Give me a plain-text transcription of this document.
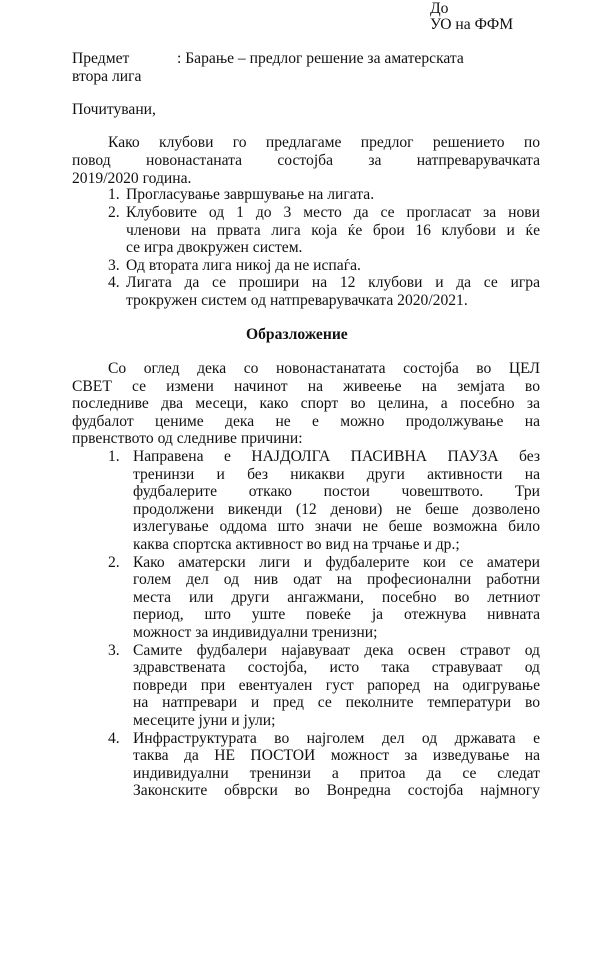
До
УО на ФФМ
Предмет	: Барање – предлог решение за аматерската
втора лига
Почитувани,
Како клубови го предлагаме предлог решението по
повод новонастаната состојба за натпреварувачката
2019/2020 година.
1. Прогласување завршување на лигата.
2. Клубовите од 1 до 3 место да се прогласат за нови
членови на првата лига која ќе брои 16 клубови и ќе
се игра двокружен систем.
3. Од втората лига никој да не испаѓа.
4. Лигата да се прошири на 12 клубови и да се игра
трокружен систем од натпреварувачката 2020/2021.
Образложение
Со оглед дека со новонастанатата состојба во ЦЕЛ
СВЕТ се измени начинот на живеење на земјата во
последниве два месеци, како спорт во целина, а посебно за
фудбалот цениме дека не е можно продолжување на
првенството од следниве причини:
1. Направена е НАЈДОЛГА ПАСИВНА ПАУЗА без
тренинзи и без никакви други активности на
фудбалерите откако постои човештвото. Три
продолжени викенди (12 денови) не беше дозволено
излегување оддома што значи не беше возможна било
каква спортска активност во вид на трчање и др.;
2. Како аматерски лиги и фудбалерите кои се аматери
голем дел од нив одат на професионални работни
места или други ангажмани, посебно во летниот
период, што уште повеќе ја отежнува нивната
можност за индивидуални тренизни;
3. Самите фудбалери најавуваат дека освен стравот од
здравствената состојба, исто така стравуваат од
повреди при евентуален густ рапоред на одигрување
на натпревари и пред се пеколните температури во
месеците јуни и јули;
4. Инфраструктурата во најголем дел од државата е
таква да НЕ ПОСТОИ можност за изведување на
индивидуални тренинзи а притоа да се следат
Законските обврски во Вонредна состојба најмногу
